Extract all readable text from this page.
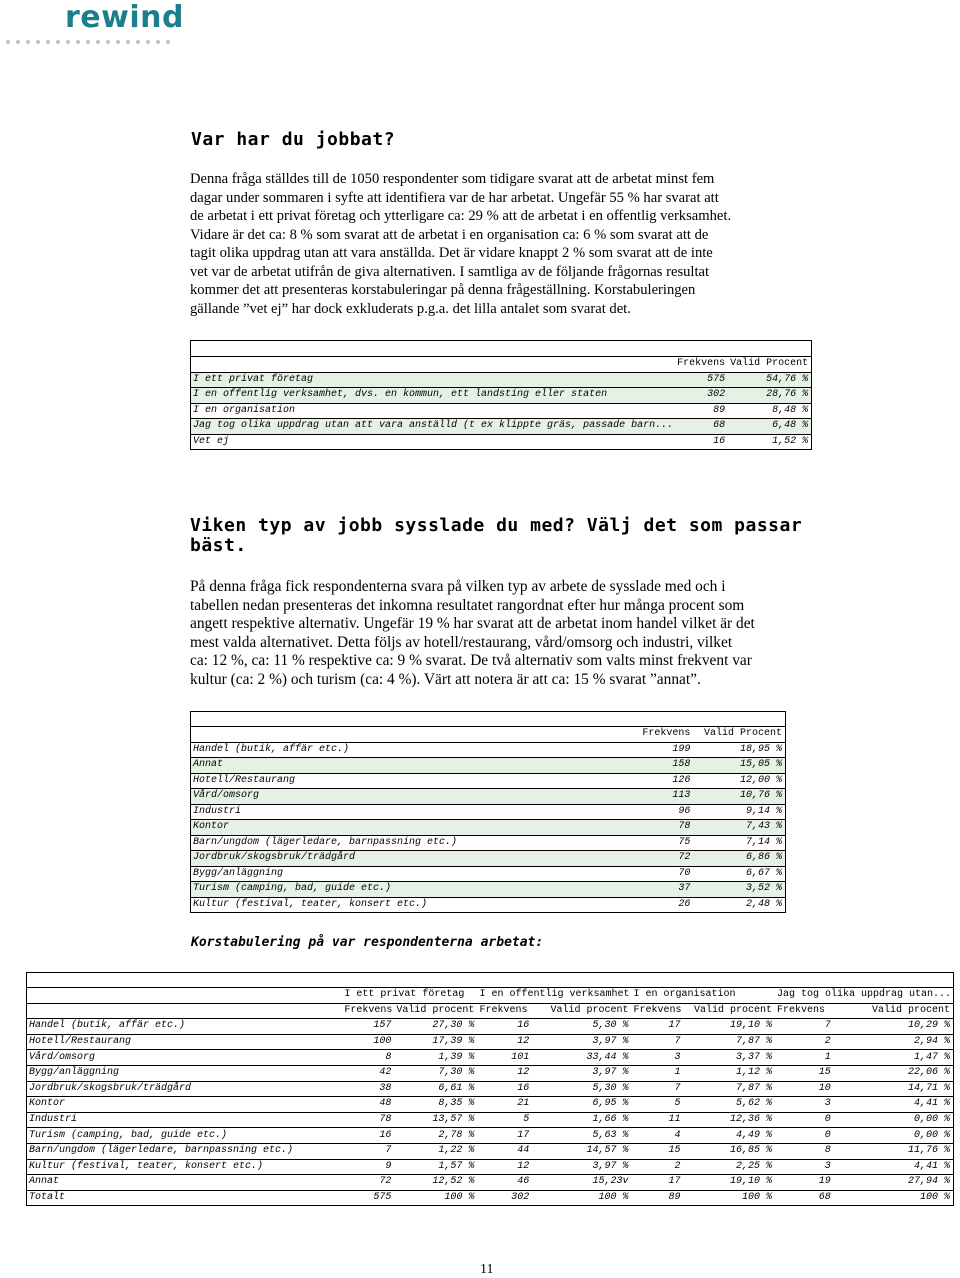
rewind
Var har du jobbat?
Denna fråga ställdes till de 1050 respondenter som tidigare svarat att de arbetat minst fem
dagar under sommaren i syfte att identifiera var de har arbetat. Ungefär 55 % har svarat att
de arbetat i ett privat företag och ytterligare ca: 29 % att de arbetat i en offentlig verksamhet.
Vidare är det ca: 8 % som svarat att de arbetat i en organisation ca: 6 % som svarat att de
tagit olika uppdrag utan att vara anställda. Det är vidare knappt 2 % som svarat att de inte
vet var de arbetat utifrån de giva alternativen. I samtliga av de följande frågornas resultat
kommer det att presenteras korstabuleringar på denna frågeställning. Korstabuleringen
gällande ”vet ej” har dock exkluderats p.g.a. det lilla antalet som svarat det.

	Frekvens	Valid Procent
I ett privat företag	575	54,76 %
I en offentlig verksamhet, dvs. en kommun, ett landsting eller staten	302	28,76 %
I en organisation	89	8,48 %
Jag tog olika uppdrag utan att vara anställd (t ex klippte gräs, passade barn...	68	6,48 %
Vet ej	16	1,52 %
Viken typ av jobb sysslade du med? Välj det som passar
bäst.
På denna fråga fick respondenterna svara på vilken typ av arbete de sysslade med och i
tabellen nedan presenteras det inkomna resultatet rangordnat efter hur många procent som
angett respektive alternativ. Ungefär 19 % har svarat att de arbetat inom handel vilket är det
mest valda alternativet. Detta följs av hotell/restaurang, vård/omsorg och industri, vilket
ca: 12 %, ca: 11 % respektive ca: 9 % svarat. De två alternativ som valts minst frekvent var
kultur (ca: 2 %) och turism (ca: 4 %). Värt att notera är att ca: 15 % svarat ”annat”.

	Frekvens	Valid Procent
Handel (butik, affär etc.)	199	18,95 %
Annat	158	15,05 %
Hotell/Restaurang	126	12,00 %
Vård/omsorg	113	10,76 %
Industri	96	9,14 %
Kontor	78	7,43 %
Barn/ungdom (lägerledare, barnpassning etc.)	75	7,14 %
Jordbruk/skogsbruk/trädgård	72	6,86 %
Bygg/anläggning	70	6,67 %
Turism (camping, bad, guide etc.)	37	3,52 %
Kultur (festival, teater, konsert etc.)	26	2,48 %
Korstabulering på var respondenterna arbetat:

	I ett privat företag		I en offentlig verksamhet		I en organisation		Jag tog olika uppdrag utan...	
	Frekvens	Valid procent	Frekvens	Valid procent	Frekvens	Valid procent	Frekvens	Valid procent
Handel (butik, affär etc.)	157	27,30 %	16	5,30 %	17	19,10 %	7	10,29 %
Hotell/Restaurang	100	17,39 %	12	3,97 %	7	7,87 %	2	2,94 %
Vård/omsorg	8	1,39 %	101	33,44 %	3	3,37 %	1	1,47 %
Bygg/anläggning	42	7,30 %	12	3,97 %	1	1,12 %	15	22,06 %
Jordbruk/skogsbruk/trädgård	38	6,61 %	16	5,30 %	7	7,87 %	10	14,71 %
Kontor	48	8,35 %	21	6,95 %	5	5,62 %	3	4,41 %
Industri	78	13,57 %	5	1,66 %	11	12,36 %	0	0,00 %
Turism (camping, bad, guide etc.)	16	2,78 %	17	5,63 %	4	4,49 %	0	0,00 %
Barn/ungdom (lägerledare, barnpassning etc.)	7	1,22 %	44	14,57 %	15	16,85 %	8	11,76 %
Kultur (festival, teater, konsert etc.)	9	1,57 %	12	3,97 %	2	2,25 %	3	4,41 %
Annat	72	12,52 %	46	15,23v	17	19,10 %	19	27,94 %
Totalt	575	100 %	302	100 %	89	100 %	68	100 %
11
